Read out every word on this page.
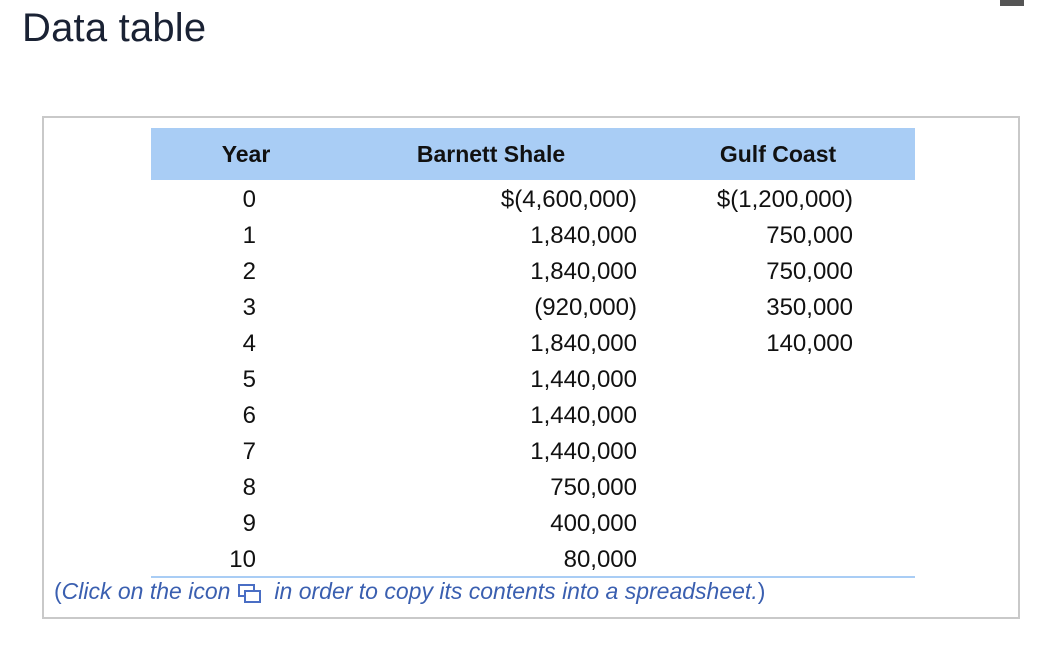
Data table
Year	Barnett Shale	Gulf Coast
0	$(4,600,000)	$(1,200,000)
1	1,840,000	750,000
2	1,840,000	750,000
3	(920,000)	350,000
4	1,840,000	140,000
5	1,440,000	
6	1,440,000	
7	1,440,000	
8	750,000	
9	400,000	
10	80,000	
(Click on the icon in order to copy its contents into a spreadsheet.)
